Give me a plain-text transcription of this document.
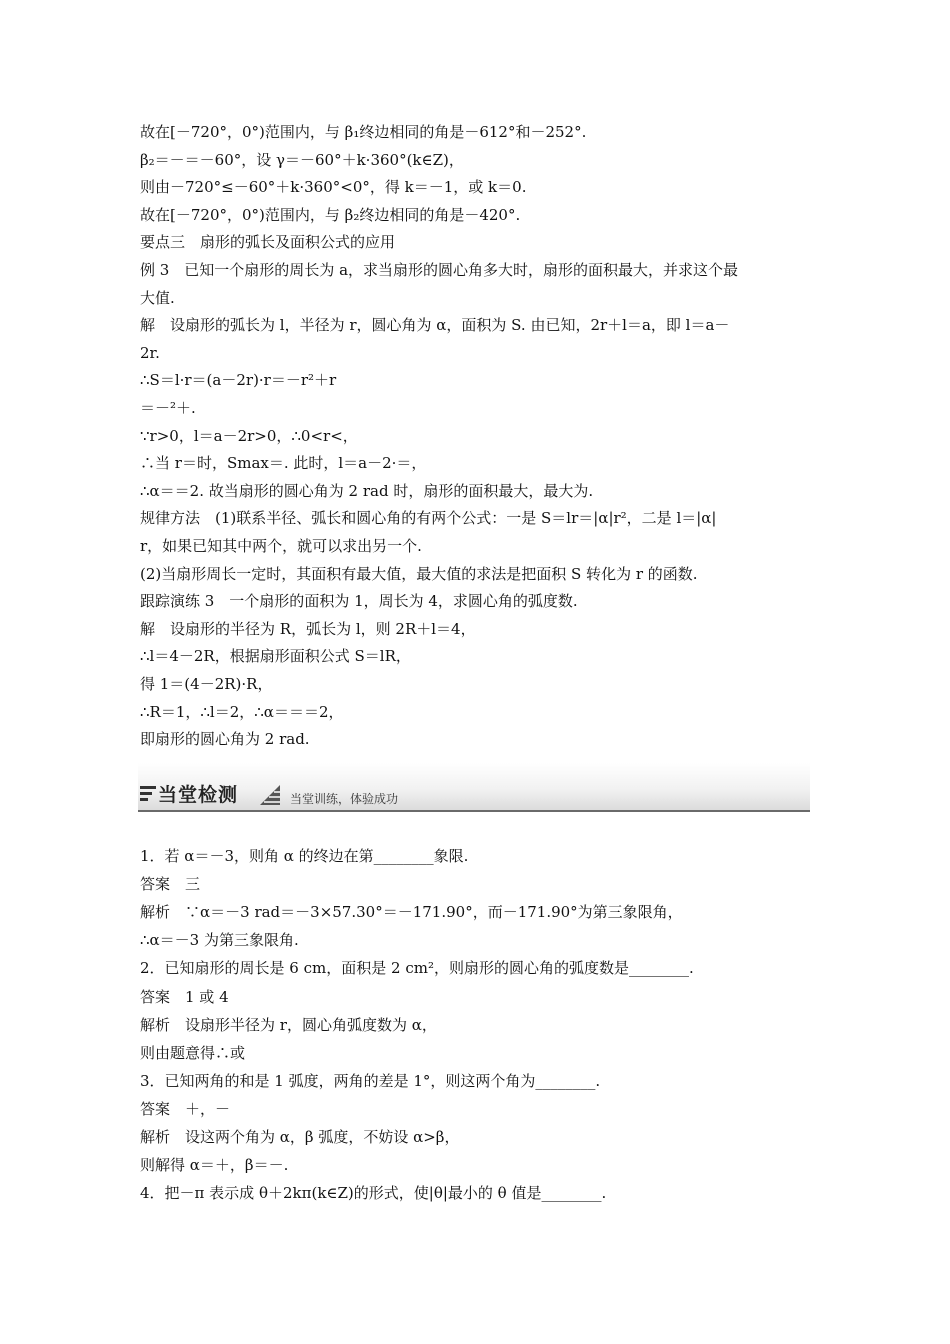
故在[－720°，0°)范围内，与 β₁终边相同的角是－612°和－252°.
β₂＝－＝－60°，设 γ＝－60°＋k·360°(k∈Z)，
则由－720°≤－60°＋k·360°<0°，得 k＝－1，或 k＝0.
故在[－720°，0°)范围内，与 β₂终边相同的角是－420°.
要点三　扇形的弧长及面积公式的应用
例 3　已知一个扇形的周长为 a，求当扇形的圆心角多大时，扇形的面积最大，并求这个最
大值.
解　设扇形的弧长为 l，半径为 r，圆心角为 α，面积为 S. 由已知，2r＋l＝a，即 l＝a－
2r.
∴S＝l·r＝(a－2r)·r＝－r²＋r
＝－²＋.
∵r>0，l＝a－2r>0，∴0<r<，
∴当 r＝时，Smax＝. 此时，l＝a－2·＝，
∴α＝＝2. 故当扇形的圆心角为 2 rad 时，扇形的面积最大，最大为.
规律方法　(1)联系半径、弧长和圆心角的有两个公式：一是 S＝lr＝|α|r²，二是 l＝|α|
r，如果已知其中两个，就可以求出另一个.
(2)当扇形周长一定时，其面积有最大值，最大值的求法是把面积 S 转化为 r 的函数.
跟踪演练 3　一个扇形的面积为 1，周长为 4，求圆心角的弧度数.
解　设扇形的半径为 R，弧长为 l，则 2R＋l＝4，
∴l＝4－2R，根据扇形面积公式 S＝lR，
得 1＝(4－2R)·R，
∴R＝1，∴l＝2，∴α＝＝＝2，
即扇形的圆心角为 2 rad.
当堂检测	当堂训练，体验成功
1．若 α＝－3，则角 α 的终边在第________象限.
答案　三
解析　∵α＝－3 rad＝－3×57.30°＝－171.90°，而－171.90°为第三象限角，
∴α＝－3 为第三象限角.
2．已知扇形的周长是 6 cm，面积是 2 cm²，则扇形的圆心角的弧度数是________.
答案　1 或 4
解析　设扇形半径为 r，圆心角弧度数为 α，
则由题意得∴或
3．已知两角的和是 1 弧度，两角的差是 1°，则这两个角为________.
答案　＋，－
解析　设这两个角为 α，β 弧度，不妨设 α>β，
则解得 α＝＋，β＝－.
4．把－π 表示成 θ＋2kπ(k∈Z)的形式，使|θ|最小的 θ 值是________.
